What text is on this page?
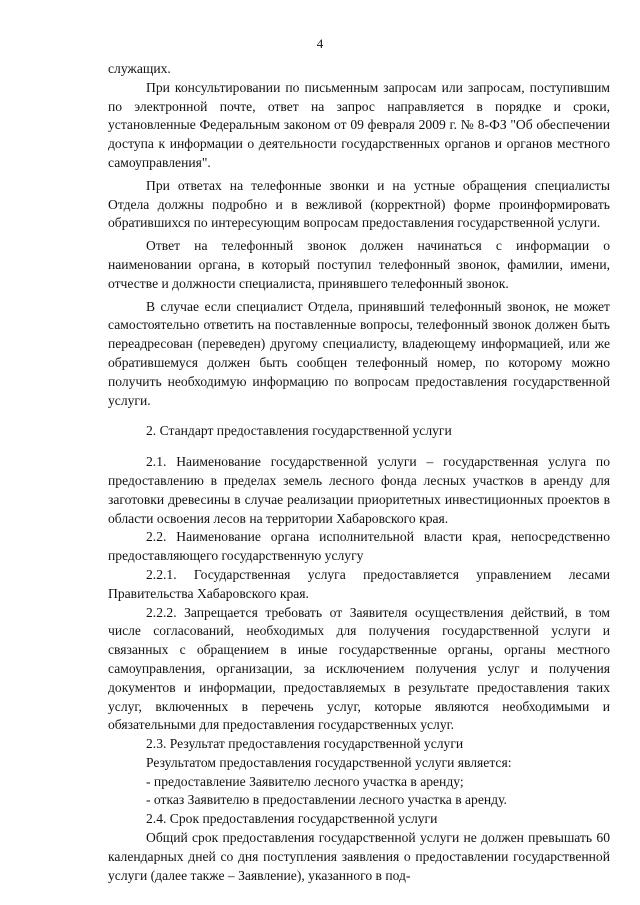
4

служащих.

При консультировании по письменным запросам или запросам, поступившим по электронной почте, ответ на запрос направляется в порядке и сроки, установленные Федеральным законом от 09 февраля 2009 г. № 8-ФЗ "Об обеспечении доступа к информации о деятельности государственных органов и органов местного самоуправления".

При ответах на телефонные звонки и на устные обращения специалисты Отдела должны подробно и в вежливой (корректной) форме проинформировать обратившихся по интересующим вопросам предоставления государственной услуги.

Ответ на телефонный звонок должен начинаться с информации о наименовании органа, в который поступил телефонный звонок, фамилии, имени, отчестве и должности специалиста, принявшего телефонный звонок.

В случае если специалист Отдела, принявший телефонный звонок, не может самостоятельно ответить на поставленные вопросы, телефонный звонок должен быть переадресован (переведен) другому специалисту, владеющему информацией, или же обратившемуся должен быть сообщен телефонный номер, по которому можно получить необходимую информацию по вопросам предоставления государственной услуги.

2. Стандарт предоставления государственной услуги

2.1. Наименование государственной услуги – государственная услуга по предоставлению в пределах земель лесного фонда лесных участков в аренду для заготовки древесины в случае реализации приоритетных инвестиционных проектов в области освоения лесов на территории Хабаровского края.

2.2. Наименование органа исполнительной власти края, непосредственно предоставляющего государственную услугу

2.2.1. Государственная услуга предоставляется управлением лесами Правительства Хабаровского края.

2.2.2. Запрещается требовать от Заявителя осуществления действий, в том числе согласований, необходимых для получения государственной услуги и связанных с обращением в иные государственные органы, органы местного самоуправления, организации, за исключением получения услуг и получения документов и информации, предоставляемых в результате предоставления таких услуг, включенных в перечень услуг, которые являются необходимыми и обязательными для предоставления государственных услуг.

2.3. Результат предоставления государственной услуги

Результатом предоставления государственной услуги является:

- предоставление Заявителю лесного участка в аренду;

- отказ Заявителю в предоставлении лесного участка в аренду.

2.4. Срок предоставления государственной услуги

Общий срок предоставления государственной услуги не должен превышать 60 календарных дней со дня поступления заявления о предоставлении государственной услуги (далее также – Заявление), указанного в под-
